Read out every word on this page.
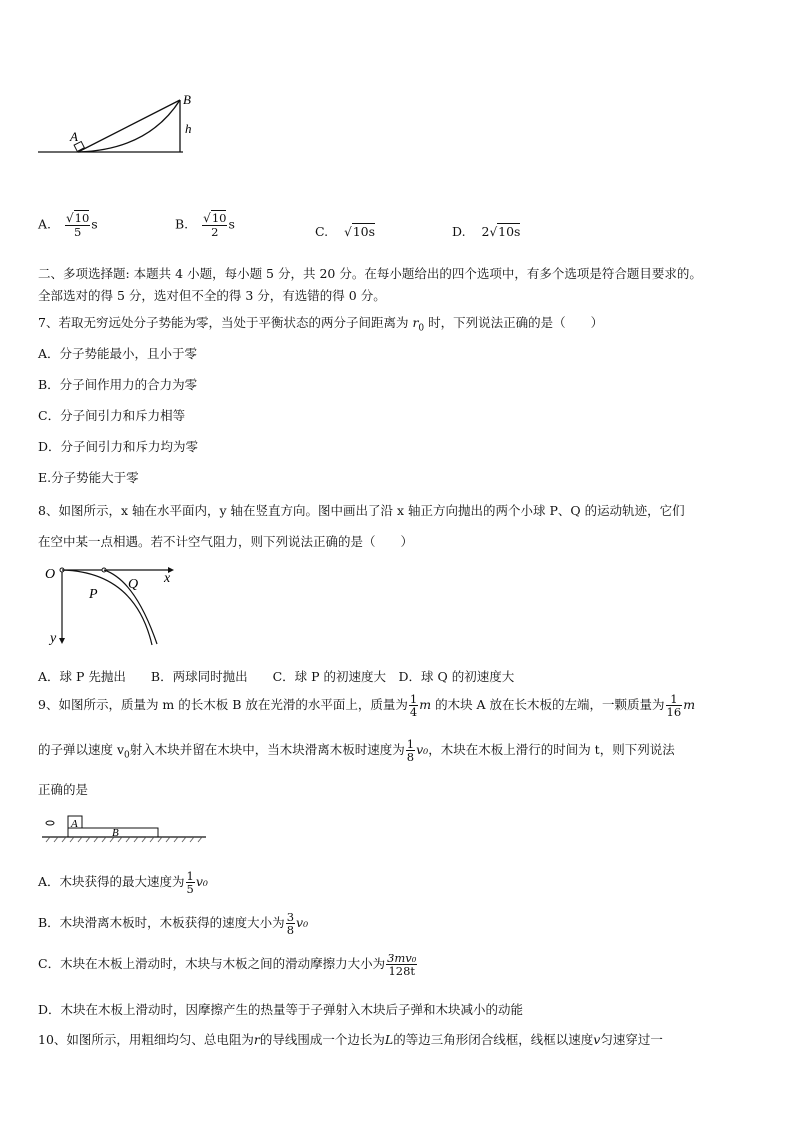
A
B
h
A. $\frac{√10}{5}$ s	B. $\frac{√10}{2}$ s
C. √10s	D. 2√10s
二、多项选择题: 本题共 4 小题，每小题 5 分，共 20 分。在每小题给出的四个选项中，有多个选项是符合题目要求的。
全部选对的得 5 分，选对但不全的得 3 分，有选错的得 0 分。
7、若取无穷远处分子势能为零，当处于平衡状态的两分子间距离为 $r_0$ 时，下列说法正确的是（　　）
A．分子势能最小，且小于零
B．分子间作用力的合力为零
C．分子间引力和斥力相等
D．分子间引力和斥力均为零
E.分子势能大于零
8、如图所示，x 轴在水平面内，y 轴在竖直方向。图中画出了沿 x 轴正方向抛出的两个小球 P、Q 的运动轨迹，它们
在空中某一点相遇。若不计空气阻力，则下列说法正确的是（　　）
O	x
y
P
Q
A．球 P 先抛出　　B．两球同时抛出　　C．球 P 的初速度大　D．球 Q 的初速度大
9、如图所示，质量为 m 的长木板 B 放在光滑的水平面上，质量为 $\frac{1}{4}$ m 的木块 A 放在长木板的左端，一颗质量为 $\frac{1}{16}$ m
的子弹以速度 $v_0$射入木块并留在木块中，当木块滑离木板时速度为 $\frac{1}{8} v_0$，木块在木板上滑行的时间为 t，则下列说法
正确的是
A
B
A．木块获得的最大速度为 $\frac{1}{5} v_0$
B．木块滑离木板时，木板获得的速度大小为 $\frac{3}{8} v_0$
C．木块在木板上滑动时，木块与木板之间的滑动摩擦力大小为 $\frac{\text{3mv₀}}{128t}$
D．木块在木板上滑动时，因摩擦产生的热量等于子弹射入木块后子弹和木块减小的动能
10、如图所示，用粗细均匀、总电阻为r的导线围成一个边长为L的等边三角形闭合线框，线框以速度v匀速穿过一
